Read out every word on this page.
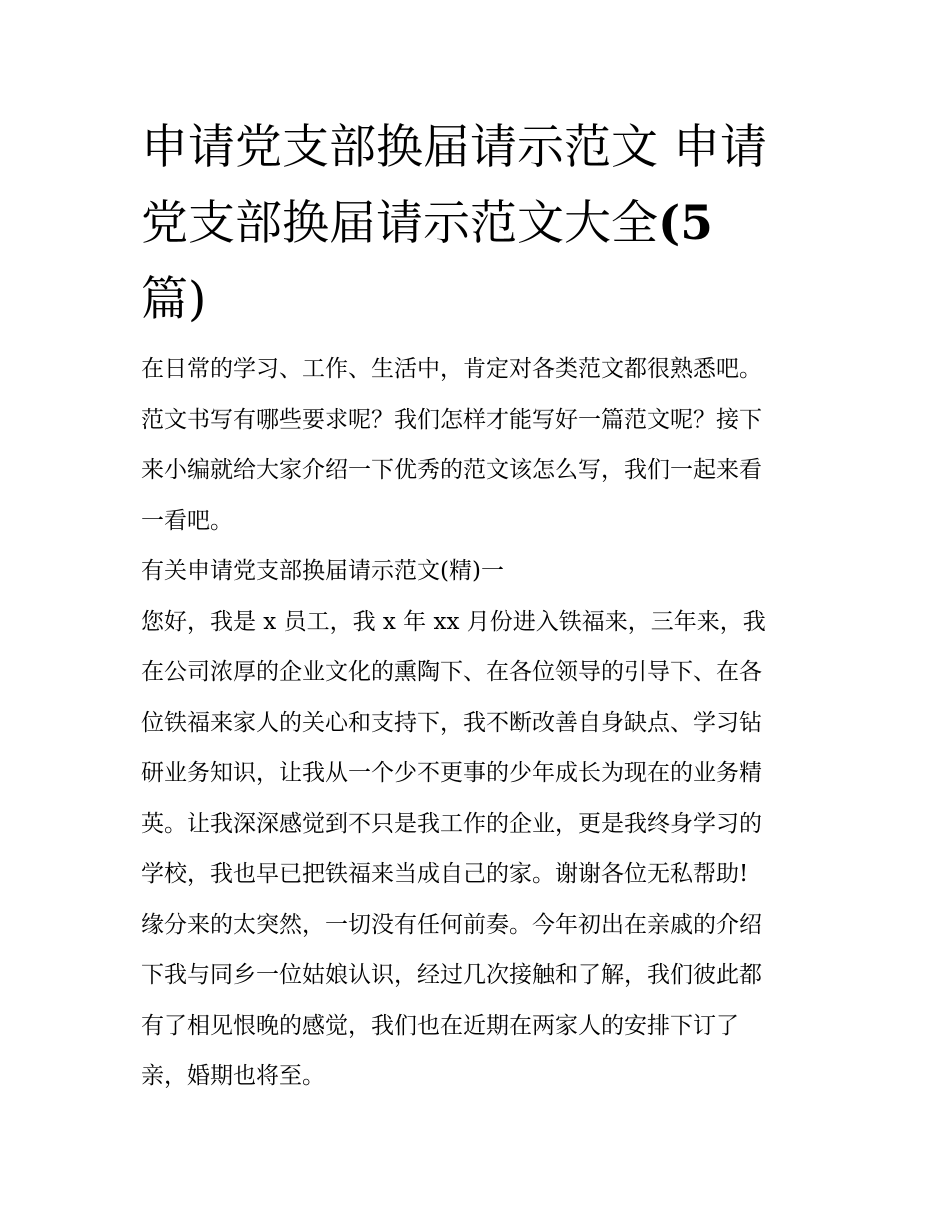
申请党支部换届请示范文 申请
党支部换届请示范文大全(5
篇)
在日常的学习、工作、生活中，肯定对各类范文都很熟悉吧。
范文书写有哪些要求呢？我们怎样才能写好一篇范文呢？接下
来小编就给大家介绍一下优秀的范文该怎么写，我们一起来看
一看吧。
有关申请党支部换届请示范文(精)一
您好，我是 x 员工，我 x 年 xx 月份进入铁福来，三年来，我
在公司浓厚的企业文化的熏陶下、在各位领导的引导下、在各
位铁福来家人的关心和支持下，我不断改善自身缺点、学习钻
研业务知识，让我从一个少不更事的少年成长为现在的业务精
英。让我深深感觉到不只是我工作的企业，更是我终身学习的
学校，我也早已把铁福来当成自己的家。谢谢各位无私帮助!
缘分来的太突然，一切没有任何前奏。今年初出在亲戚的介绍
下我与同乡一位姑娘认识，经过几次接触和了解，我们彼此都
有了相见恨晚的感觉，我们也在近期在两家人的安排下订了
亲，婚期也将至。
